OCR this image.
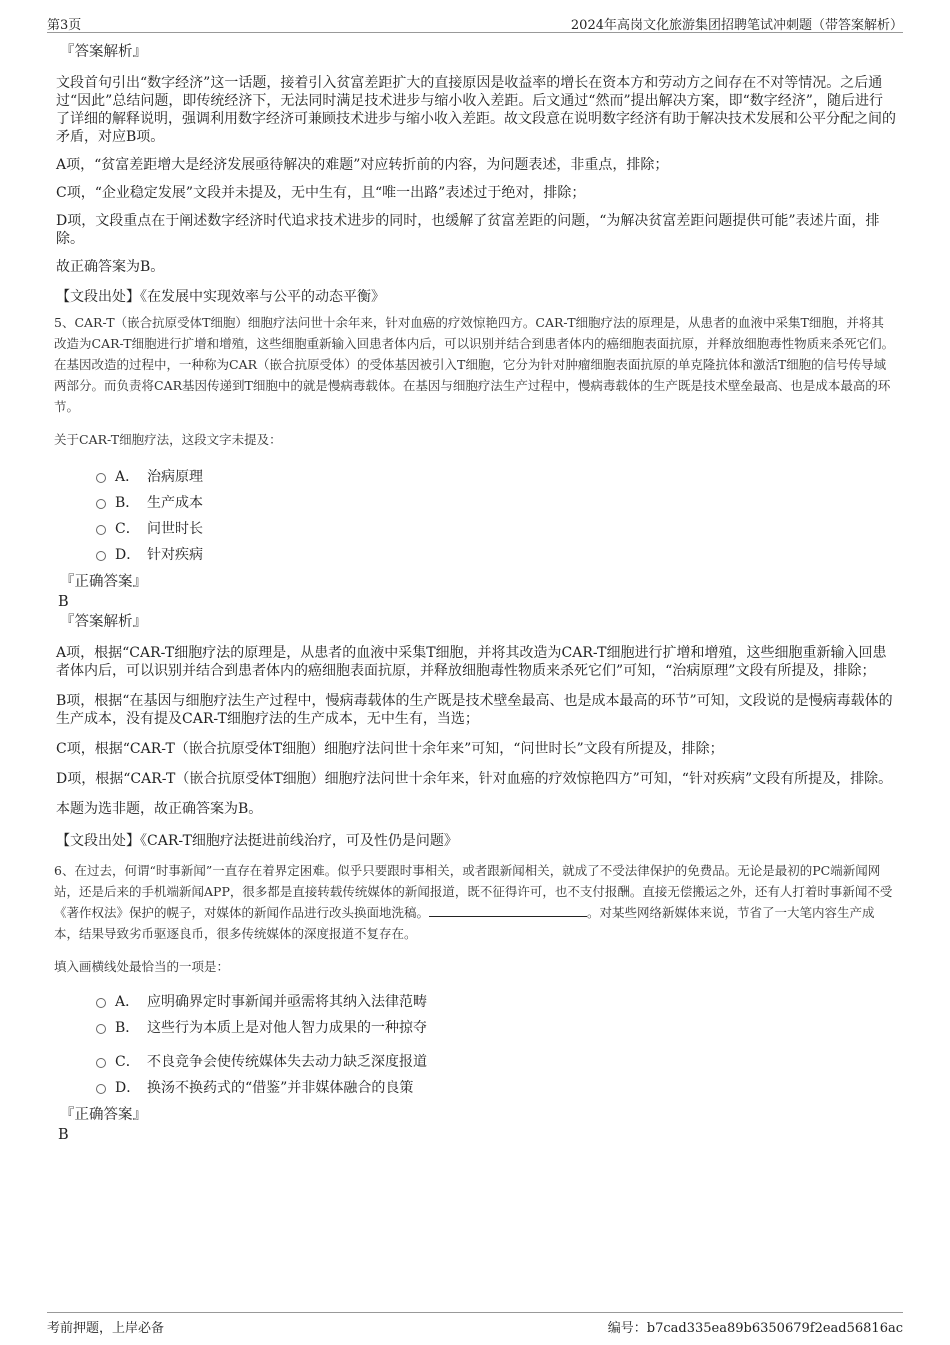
第3页	2024年高岗文化旅游集团招聘笔试冲刺题（带答案解析）

『答案解析』

文段首句引出“数字经济”这一话题，接着引入贫富差距扩大的直接原因是收益率的增长在资本方和劳动方之间存在不对等情况。之后通过“因此”总结问题，即传统经济下，无法同时满足技术进步与缩小收入差距。后文通过“然而”提出解决方案，即“数字经济”，随后进行了详细的解释说明，强调利用数字经济可兼顾技术进步与缩小收入差距。故文段意在说明数字经济有助于解决技术发展和公平分配之间的矛盾，对应B项。

A项，“贫富差距增大是经济发展亟待解决的难题”对应转折前的内容，为问题表述，非重点，排除；

C项，“企业稳定发展”文段并未提及，无中生有，且“唯一出路”表述过于绝对，排除；

D项，文段重点在于阐述数字经济时代追求技术进步的同时，也缓解了贫富差距的问题，“为解决贫富差距问题提供可能”表述片面，排除。

故正确答案为B。

【文段出处】《在发展中实现效率与公平的动态平衡》

5、CAR-T（嵌合抗原受体T细胞）细胞疗法问世十余年来，针对血癌的疗效惊艳四方。CAR-T细胞疗法的原理是，从患者的血液中采集T细胞，并将其改造为CAR-T细胞进行扩增和增殖，这些细胞重新输入回患者体内后，可以识别并结合到患者体内的癌细胞表面抗原，并释放细胞毒性物质来杀死它们。在基因改造的过程中，一种称为CAR（嵌合抗原受体）的受体基因被引入T细胞，它分为针对肿瘤细胞表面抗原的单克隆抗体和激活T细胞的信号传导域两部分。而负责将CAR基因传递到T细胞中的就是慢病毒载体。在基因与细胞疗法生产过程中，慢病毒载体的生产既是技术壁垒最高、也是成本最高的环节。

关于CAR-T细胞疗法，这段文字未提及：

A． 治病原理
B． 生产成本
C． 问世时长
D． 针对疾病

『正确答案』

B

『答案解析』

A项，根据“CAR-T细胞疗法的原理是，从患者的血液中采集T细胞，并将其改造为CAR-T细胞进行扩增和增殖，这些细胞重新输入回患者体内后，可以识别并结合到患者体内的癌细胞表面抗原，并释放细胞毒性物质来杀死它们”可知，“治病原理”文段有所提及，排除；

B项，根据“在基因与细胞疗法生产过程中，慢病毒载体的生产既是技术壁垒最高、也是成本最高的环节”可知，文段说的是慢病毒载体的生产成本，没有提及CAR-T细胞疗法的生产成本，无中生有，当选；

C项，根据“CAR-T（嵌合抗原受体T细胞）细胞疗法问世十余年来”可知，“问世时长”文段有所提及，排除；

D项，根据“CAR-T（嵌合抗原受体T细胞）细胞疗法问世十余年来，针对血癌的疗效惊艳四方”可知，“针对疾病”文段有所提及，排除。

本题为选非题，故正确答案为B。

【文段出处】《CAR-T细胞疗法挺进前线治疗，可及性仍是问题》

6、在过去，何谓“时事新闻”一直存在着界定困难。似乎只要跟时事相关，或者跟新闻相关，就成了不受法律保护的免费品。无论是最初的PC端新闻网站，还是后来的手机端新闻APP，很多都是直接转载传统媒体的新闻报道，既不征得许可，也不支付报酬。直接无偿搬运之外，还有人打着时事新闻不受《著作权法》保护的幌子，对媒体的新闻作品进行改头换面地洗稿。	。对某些网络新媒体来说，节省了一大笔内容生产成本，结果导致劣币驱逐良币，很多传统媒体的深度报道不复存在。

填入画横线处最恰当的一项是：

A． 应明确界定时事新闻并亟需将其纳入法律范畴
B． 这些行为本质上是对他人智力成果的一种掠夺
C． 不良竞争会使传统媒体失去动力缺乏深度报道
D． 换汤不换药式的“借鉴”并非媒体融合的良策

『正确答案』

B

考前押题，上岸必备	编号：b7cad335ea89b6350679f2ead56816ac
